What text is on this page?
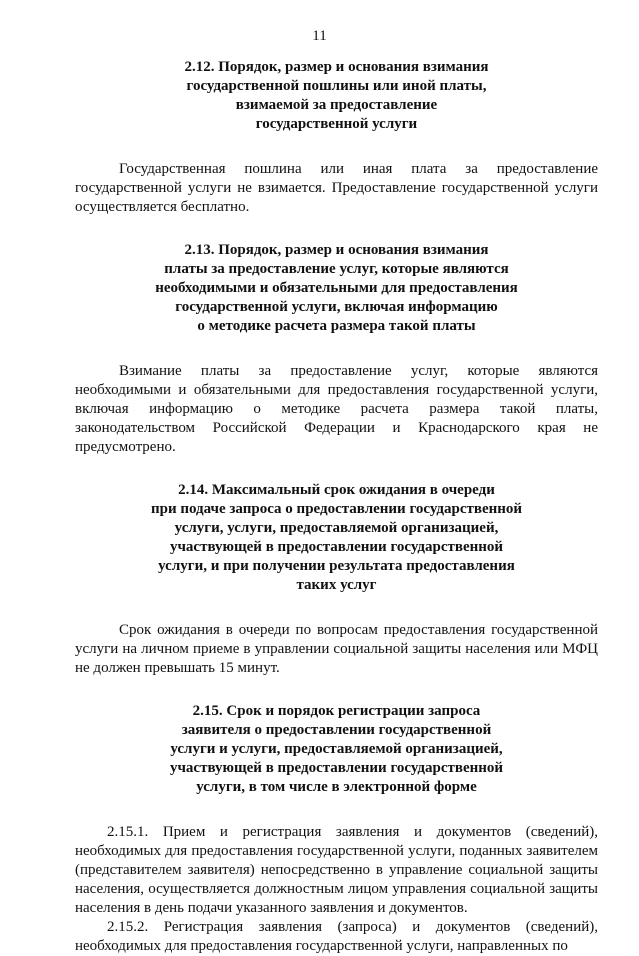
11
2.12. Порядок, размер и основания взимания
государственной пошлины или иной платы,
взимаемой за предоставление
государственной услуги

Государственная пошлина или иная плата за предоставление государственной услуги не взимается. Предоставление государственной услуги осуществляется бесплатно.

2.13. Порядок, размер и основания взимания
платы за предоставление услуг, которые являются
необходимыми и обязательными для предоставления
государственной услуги, включая информацию
о методике расчета размера такой платы

Взимание платы за предоставление услуг, которые являются необходимыми и обязательными для предоставления государственной услуги, включая информацию о методике расчета размера такой платы, законодательством Российской Федерации и Краснодарского края не предусмотрено.

2.14. Максимальный срок ожидания в очереди
при подаче запроса о предоставлении государственной
услуги, услуги, предоставляемой организацией,
участвующей в предоставлении государственной
услуги, и при получении результата предоставления
таких услуг

Срок ожидания в очереди по вопросам предоставления государственной услуги на личном приеме в управлении социальной защиты населения или МФЦ не должен превышать 15 минут.

2.15. Срок и порядок регистрации запроса
заявителя о предоставлении государственной
услуги и услуги, предоставляемой организацией,
участвующей в предоставлении государственной
услуги, в том числе в электронной форме

2.15.1. Прием и регистрация заявления и документов (сведений), необходимых для предоставления государственной услуги, поданных заявителем (представителем заявителя) непосредственно в управление социальной защиты населения, осуществляется должностным лицом управления социальной защиты населения в день подачи указанного заявления и документов.

2.15.2. Регистрация заявления (запроса) и документов (сведений), необходимых для предоставления государственной услуги, направленных по
